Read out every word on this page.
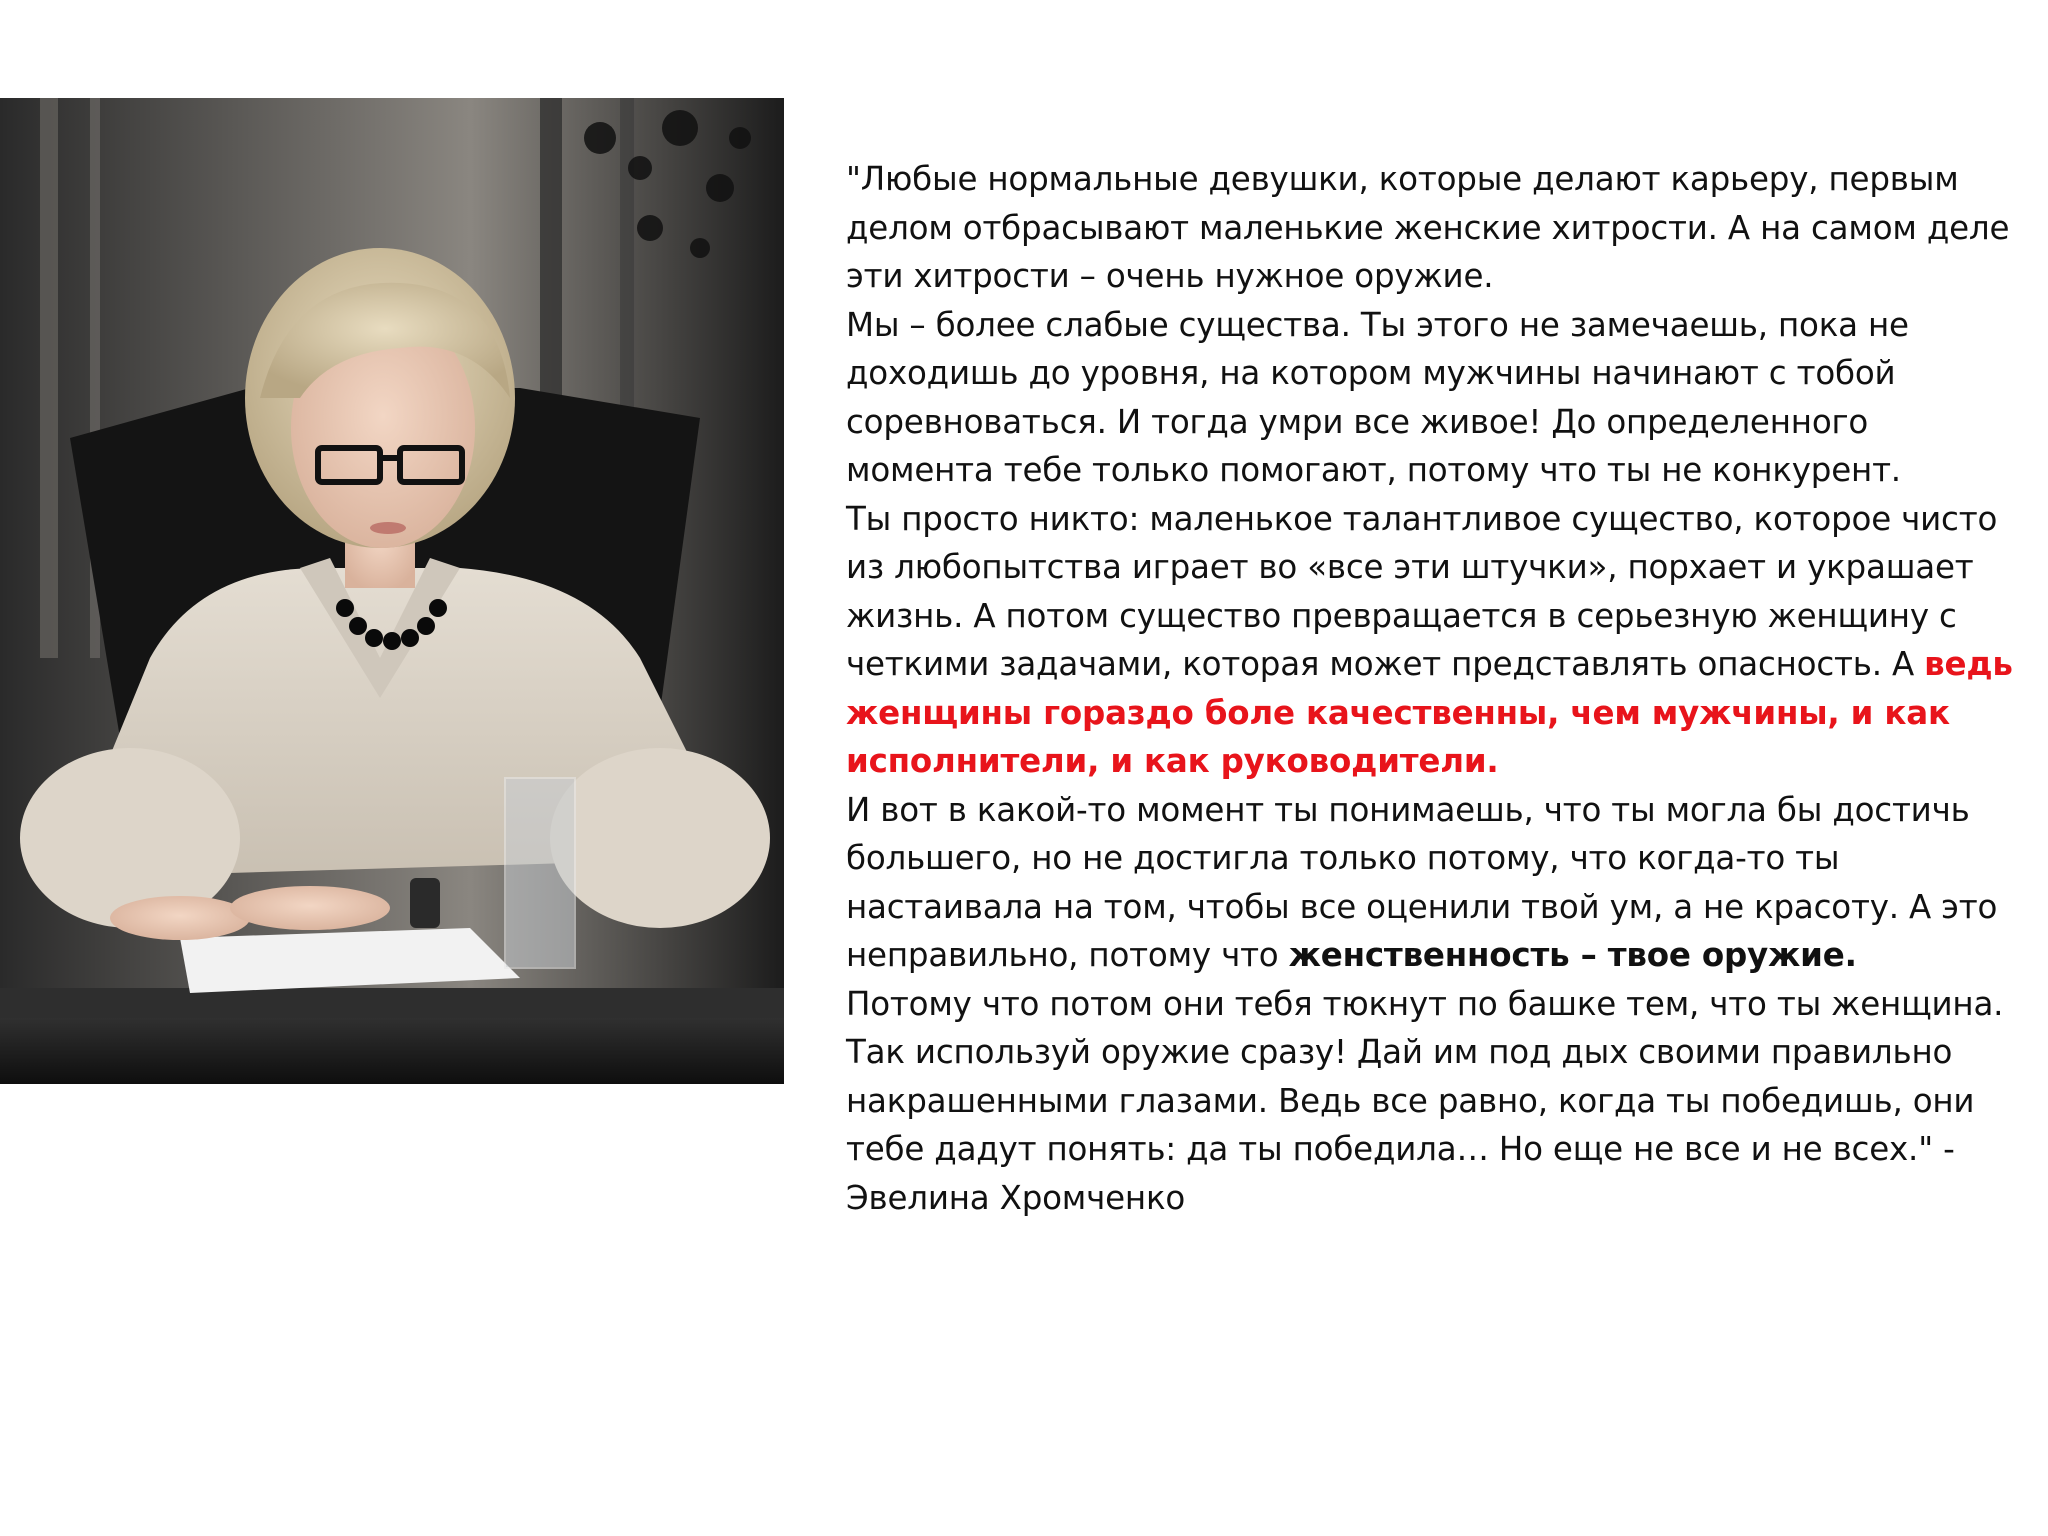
"Любые нормальные девушки, которые делают карьеру, первым делом отбрасывают маленькие женские хитрости. А на самом деле эти хитрости – очень нужное оружие.

Мы – более слабые существа. Ты этого не замечаешь, пока не доходишь до уровня, на котором мужчины начинают с тобой соревноваться. И тогда умри все живое! До определенного момента тебе только помогают, потому что ты не конкурент.

Ты просто никто: маленькое талантливое существо, которое чисто из любопытства играет во «все эти штучки», порхает и украшает жизнь. А потом существо превращается в серьезную женщину с четкими задачами, которая может представлять опасность. А ведь женщины гораздо боле качественны, чем мужчины, и как исполнители, и как руководители.

И вот в какой-то момент ты понимаешь, что ты могла бы достичь большего, но не достигла только потому, что когда-то ты настаивала на том, чтобы все оценили твой ум, а не красоту. А это неправильно, потому что женственность – твое оружие.

Потому что потом они тебя тюкнут по башке тем, что ты женщина. Так используй оружие сразу! Дай им под дых своими правильно накрашенными глазами. Ведь все равно, когда ты победишь, они тебе дадут понять: да ты победила… Но еще не все и не всех." - Эвелина Хромченко
